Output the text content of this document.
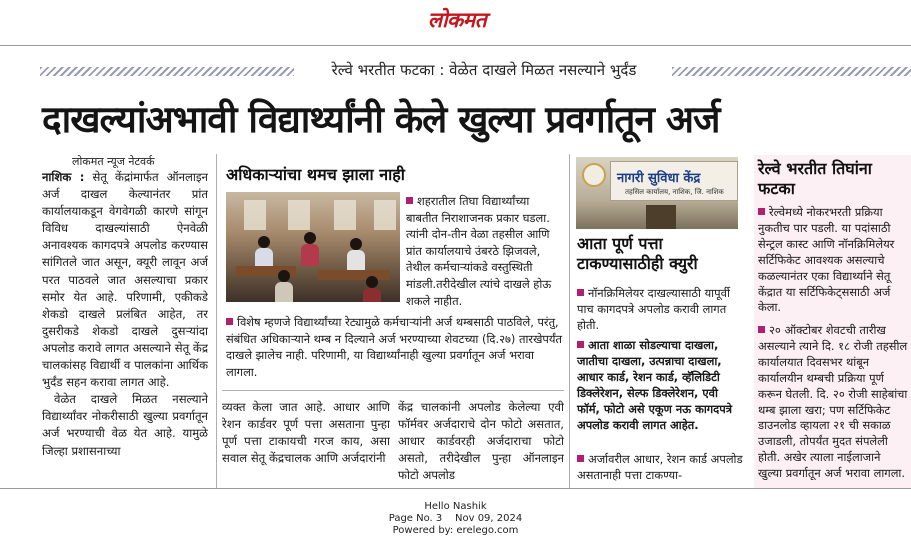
लोकमत
रेल्वे भरतीत फटका : वेळेत दाखले मिळत नसल्याने भुर्दंड
दाखल्यांअभावी विद्यार्थ्यांनी केले खुल्या प्रवर्गातून अर्ज
लोकमत न्यूज नेटवर्क

नाशिक : सेतू केंद्रांमार्फत ऑनलाइन अर्ज दाखल केल्यानंतर प्रांत कार्यालयाकडून वेगवेगळी कारणे सांगून विविध दाखल्यांसाठी ऐनवेळी अनावश्यक कागदपत्रे अपलोड करण्यास सांगितले जात असून, क्यूरी लावून अर्ज परत पाठवले जात असल्याचा प्रकार समोर येत आहे. परिणामी, एकीकडे शेकडो दाखले प्रलंबित आहेत, तर दुसरीकडे शेकडो दाखले दुसऱ्यांदा अपलोड करावे लागत असल्याने सेतू केंद्र चालकांसह विद्यार्थी व पालकांना आर्थिक भुर्दंड सहन करावा लागत आहे.

वेळेत दाखले मिळत नसल्याने विद्यार्थ्यांवर नोकरीसाठी खुल्या प्रवर्गातून अर्ज भरण्याची वेळ येत आहे. यामुळे जिल्हा प्रशासनाच्या

अधिकाऱ्यांचा थमच झाला नाही
शहरातील तिघा विद्यार्थ्यांच्या बाबतीत निराशाजनक प्रकार घडला. त्यांनी दोन-तीन वेळा तहसील आणि प्रांत कार्यालयाचे उंबरठे झिजवले, तेथील कर्मचाऱ्यांकडे वस्तुस्थिती मांडली.तरीदेखील त्यांचे दाखले होऊ शकले नाहीत.
विशेष म्हणजे विद्यार्थ्यांच्या रेट्यामुळे कर्मचाऱ्यांनी अर्ज थम्बसाठी पाठविले, परंतु, संबंधित अधिकाऱ्याने थम्ब न दिल्याने अर्ज भरण्याच्या शेवटच्या (दि.२७) तारखेपर्यंत दाखले झालेच नाही. परिणामी, या विद्यार्थ्यांनाही खुल्या प्रवर्गातून अर्ज भरावा लागला.
व्यक्त केला जात आहे. आधार आणि रेशन कार्डवर पूर्ण पत्ता असताना पुन्हा पूर्ण पत्ता टाकायची गरज काय, असा सवाल सेतू केंद्रचालक आणि अर्जदारांनी
केंद्र चालकांनी अपलोड केलेल्या एवी फॉर्मवर अर्जदाराचे दोन फोटो असतात, आधार कार्डवरही अर्जदाराचा फोटो असतो, तरीदेखील पुन्हा ऑनलाइन फोटो अपलोड
नागरी सुविधा केंद्र
तहसिल कार्यालय, नाशिक, जि. नाशिक
आता पूर्ण पत्ता टाकण्यासाठीही क्युरी
नॉनक्रिमिलेयर दाखल्यासाठी यापूर्वी पाच कागदपत्रे अपलोड करावी लागत होती.
आता शाळा सोडल्याचा दाखला, जातीचा दाखला, उत्पन्नाचा दाखला, आधार कार्ड, रेशन कार्ड, व्हॅलिडिटी डिक्लेरेशन, सेल्फ डिक्लेरेशन, एवी फॉर्म, फोटो असे एकूण नऊ कागदपत्रे अपलोड करावी लागत आहेत.
अर्जावरील आधार, रेशन कार्ड अपलोड असतानाही पत्ता टाकण्या-
रेल्वे भरतीत तिघांना फटका
रेल्वेमध्ये नोकरभरती प्रक्रिया नुकतीच पार पडली. या पदांसाठी सेन्ट्रल कास्ट आणि नॉनक्रिमिलेयर सर्टिफिकेट आवश्यक असल्याचे कळल्यानंतर एका विद्यार्थ्याने सेतू केंद्रात या सर्टिफिकेट्ससाठी अर्ज केला.
२० ऑक्टोबर शेवटची तारीख असल्याने त्याने दि. १८ रोजी तहसील कार्यालयात दिवसभर थांबून कार्यालयीन थम्बची प्रक्रिया पूर्ण करून घेतली. दि. २० रोजी साहेबांचा थम्ब झाला खरा; पण सर्टिफिकेट डाउनलोड व्हायला २१ ची सकाळ उजाडली, तोपर्यंत मुदत संपलेली होती. अखेर त्याला नाईलाजाने खुल्या प्रवर्गातून अर्ज भरावा लागला.
Hello Nashik
Page No. 3    Nov 09, 2024
Powered by: erelego.com
